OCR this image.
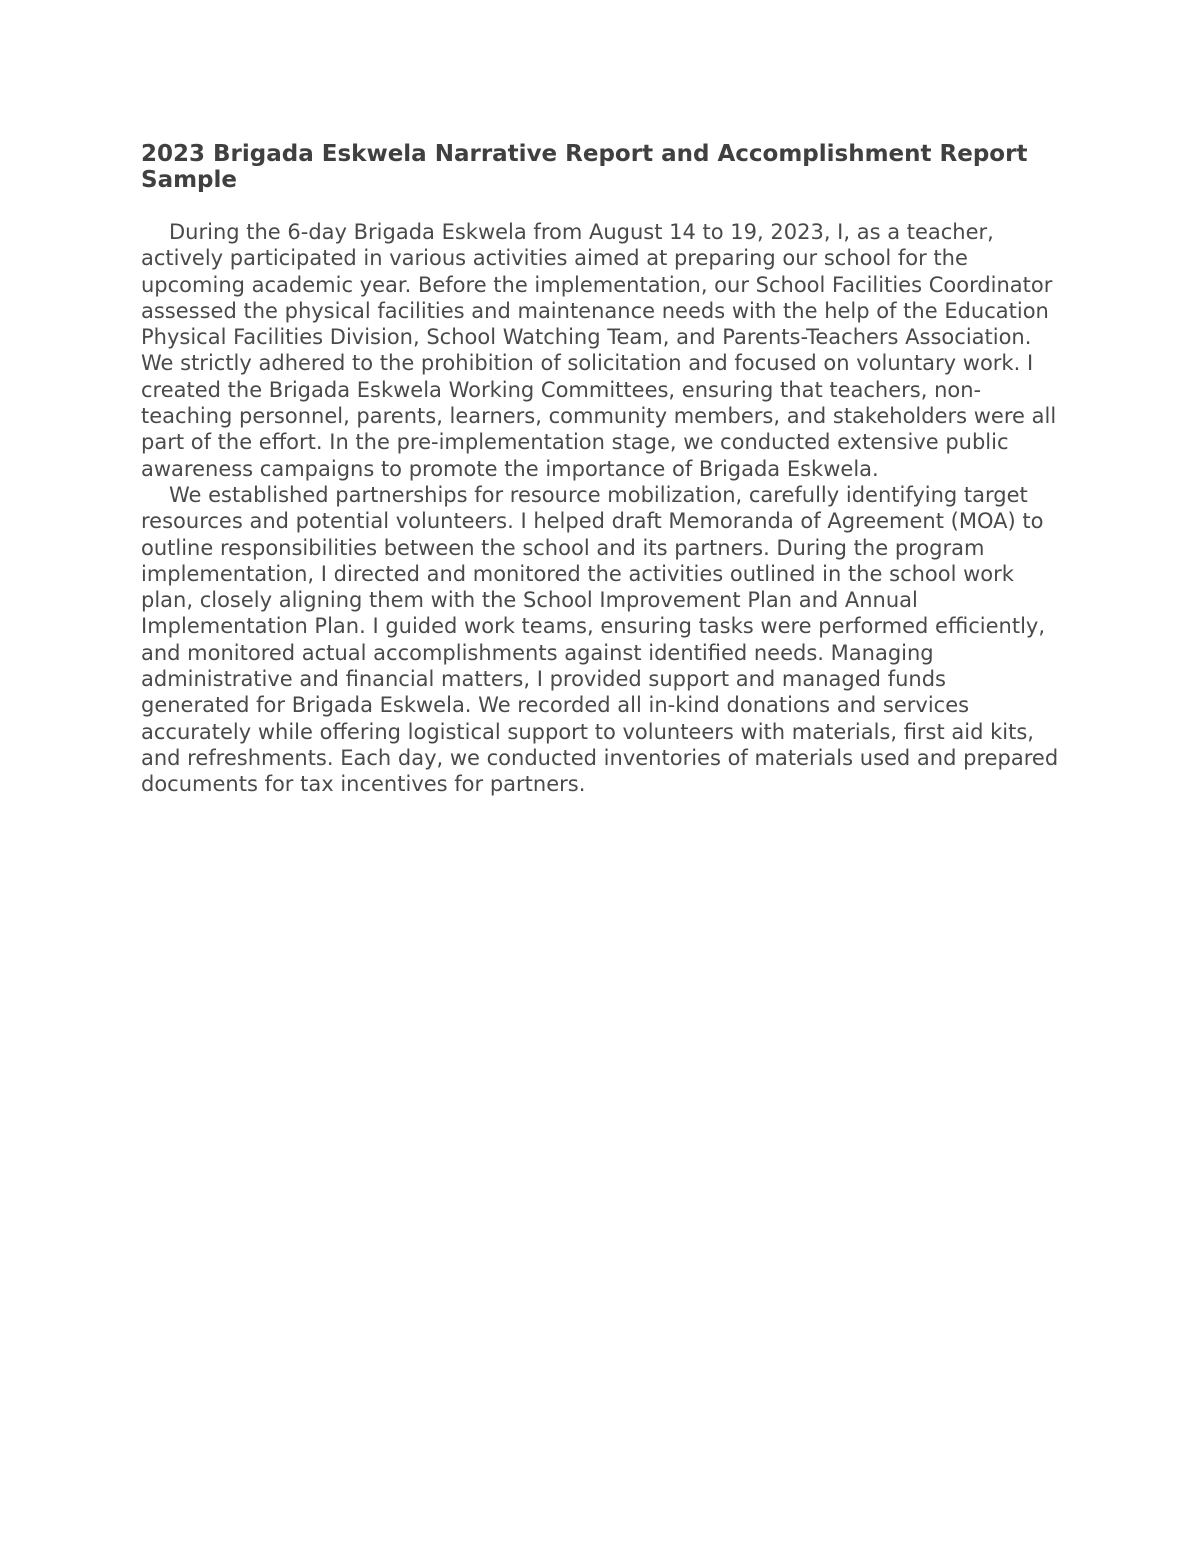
2023 Brigada Eskwela Narrative Report and Accomplishment Report Sample

During the 6-day Brigada Eskwela from August 14 to 19, 2023, I, as a teacher, actively participated in various activities aimed at preparing our school for the upcoming academic year. Before the implementation, our School Facilities Coordinator assessed the physical facilities and maintenance needs with the help of the Education Physical Facilities Division, School Watching Team, and Parents-Teachers Association. We strictly adhered to the prohibition of solicitation and focused on voluntary work. I created the Brigada Eskwela Working Committees, ensuring that teachers, non-teaching personnel, parents, learners, community members, and stakeholders were all part of the effort. In the pre-implementation stage, we conducted extensive public awareness campaigns to promote the importance of Brigada Eskwela.

We established partnerships for resource mobilization, carefully identifying target resources and potential volunteers. I helped draft Memoranda of Agreement (MOA) to outline responsibilities between the school and its partners. During the program implementation, I directed and monitored the activities outlined in the school work plan, closely aligning them with the School Improvement Plan and Annual Implementation Plan. I guided work teams, ensuring tasks were performed efficiently, and monitored actual accomplishments against identified needs. Managing administrative and financial matters, I provided support and managed funds generated for Brigada Eskwela. We recorded all in-kind donations and services accurately while offering logistical support to volunteers with materials, first aid kits, and refreshments. Each day, we conducted inventories of materials used and prepared documents for tax incentives for partners.
